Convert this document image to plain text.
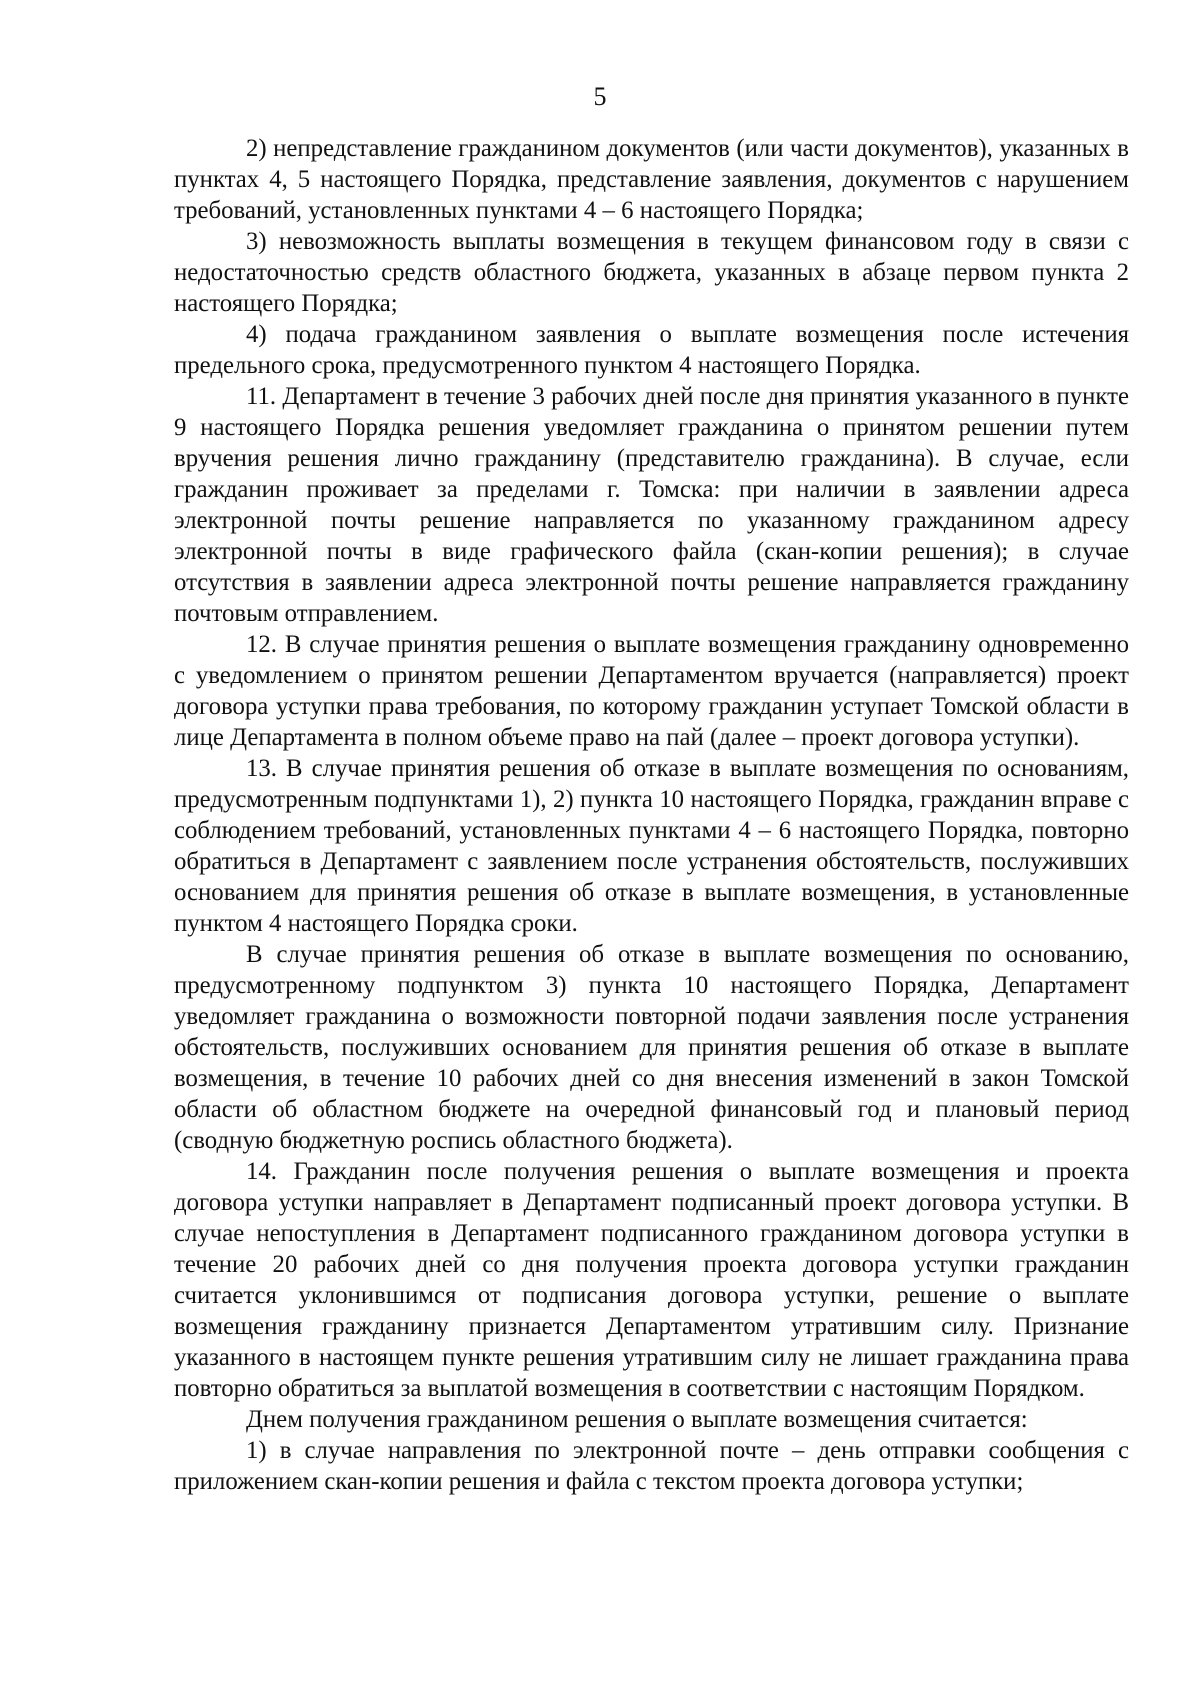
5

2) непредставление гражданином документов (или части документов), указанных в пунктах 4, 5 настоящего Порядка, представление заявления, документов с нарушением требований, установленных пунктами 4 – 6 настоящего Порядка;

3) невозможность выплаты возмещения в текущем финансовом году в связи с недостаточностью средств областного бюджета, указанных в абзаце первом пункта 2 настоящего Порядка;

4) подача гражданином заявления о выплате возмещения после истечения предельного срока, предусмотренного пунктом 4 настоящего Порядка.

11. Департамент в течение 3 рабочих дней после дня принятия указанного в пункте 9 настоящего Порядка решения уведомляет гражданина о принятом решении путем вручения решения лично гражданину (представителю гражданина). В случае, если гражданин проживает за пределами г. Томска: при наличии в заявлении адреса электронной почты решение направляется по указанному гражданином адресу электронной почты в виде графического файла (скан-копии решения); в случае отсутствия в заявлении адреса электронной почты решение направляется гражданину почтовым отправлением.

12. В случае принятия решения о выплате возмещения гражданину одновременно с уведомлением о принятом решении Департаментом вручается (направляется) проект договора уступки права требования, по которому гражданин уступает Томской области в лице Департамента в полном объеме право на пай (далее – проект договора уступки).

13. В случае принятия решения об отказе в выплате возмещения по основаниям, предусмотренным подпунктами 1), 2) пункта 10 настоящего Порядка, гражданин вправе с соблюдением требований, установленных пунктами 4 – 6 настоящего Порядка, повторно обратиться в Департамент с заявлением после устранения обстоятельств, послуживших основанием для принятия решения об отказе в выплате возмещения, в установленные пунктом 4 настоящего Порядка сроки.

В случае принятия решения об отказе в выплате возмещения по основанию, предусмотренному подпунктом 3) пункта 10 настоящего Порядка, Департамент уведомляет гражданина о возможности повторной подачи заявления после устранения обстоятельств, послуживших основанием для принятия решения об отказе в выплате возмещения, в течение 10 рабочих дней со дня внесения изменений в закон Томской области об областном бюджете на очередной финансовый год и плановый период (сводную бюджетную роспись областного бюджета).

14. Гражданин после получения решения о выплате возмещения и проекта договора уступки направляет в Департамент подписанный проект договора уступки. В случае непоступления в Департамент подписанного гражданином договора уступки в течение 20 рабочих дней со дня получения проекта договора уступки гражданин считается уклонившимся от подписания договора уступки, решение о выплате возмещения гражданину признается Департаментом утратившим силу. Признание указанного в настоящем пункте решения утратившим силу не лишает гражданина права повторно обратиться за выплатой возмещения в соответствии с настоящим Порядком.

Днем получения гражданином решения о выплате возмещения считается:

1) в случае направления по электронной почте – день отправки сообщения с приложением скан-копии решения и файла с текстом проекта договора уступки;
